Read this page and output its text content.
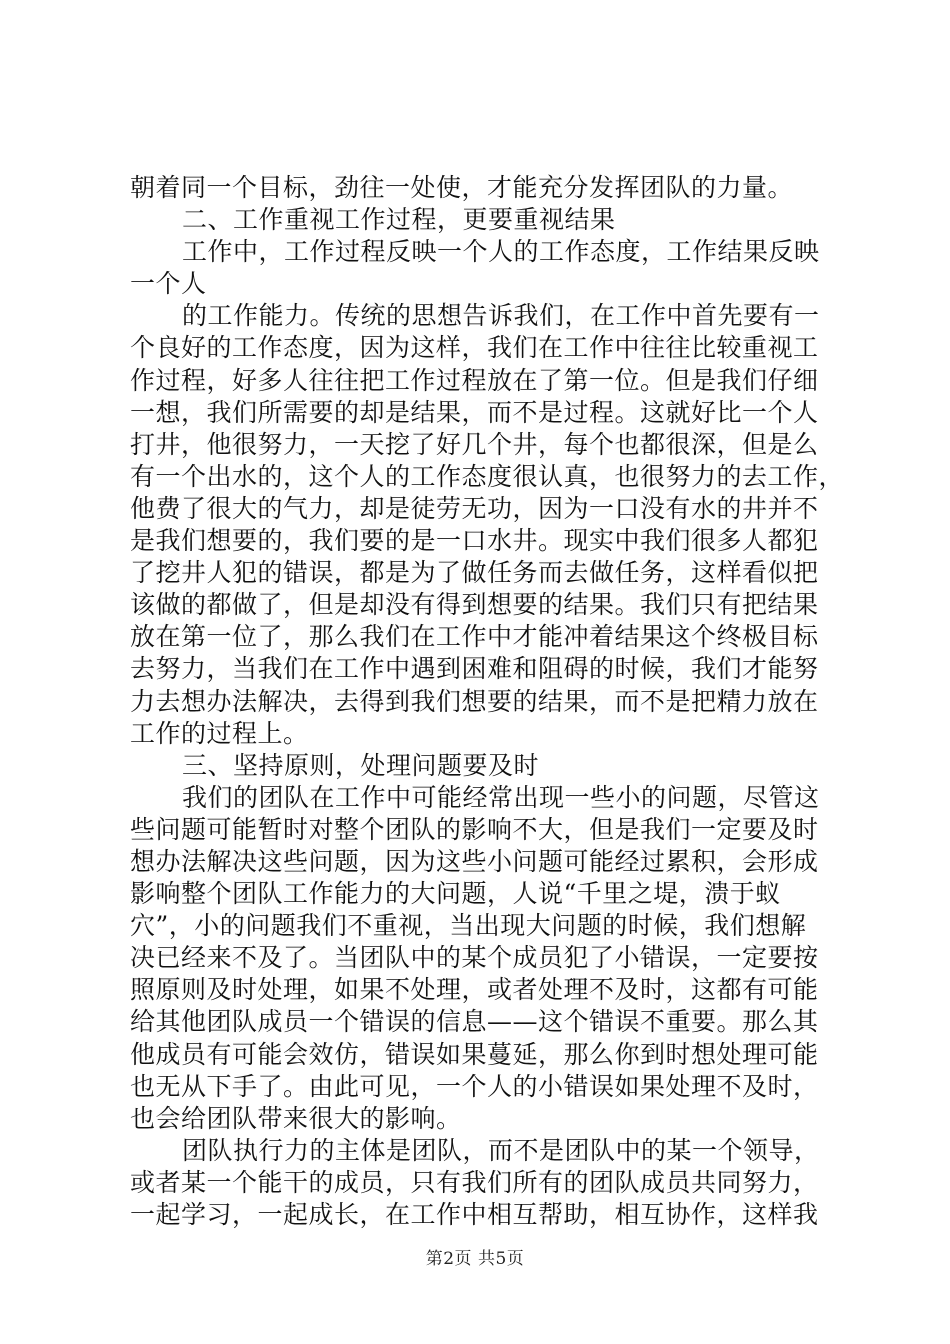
朝着同一个目标，劲往一处使，才能充分发挥团队的力量。
二、工作重视工作过程，更要重视结果
工作中，工作过程反映一个人的工作态度，工作结果反映
一个人
的工作能力。传统的思想告诉我们，在工作中首先要有一
个良好的工作态度，因为这样，我们在工作中往往比较重视工
作过程，好多人往往把工作过程放在了第一位。但是我们仔细
一想，我们所需要的却是结果，而不是过程。这就好比一个人
打井，他很努力，一天挖了好几个井，每个也都很深，但是么
有一个出水的，这个人的工作态度很认真，也很努力的去工作，
他费了很大的气力，却是徒劳无功，因为一口没有水的井并不
是我们想要的，我们要的是一口水井。现实中我们很多人都犯
了挖井人犯的错误，都是为了做任务而去做任务，这样看似把
该做的都做了，但是却没有得到想要的结果。我们只有把结果
放在第一位了，那么我们在工作中才能冲着结果这个终极目标
去努力，当我们在工作中遇到困难和阻碍的时候，我们才能努
力去想办法解决，去得到我们想要的结果，而不是把精力放在
工作的过程上。
三、坚持原则，处理问题要及时
我们的团队在工作中可能经常出现一些小的问题，尽管这
些问题可能暂时对整个团队的影响不大，但是我们一定要及时
想办法解决这些问题，因为这些小问题可能经过累积，会形成
影响整个团队工作能力的大问题，人说“千里之堤，溃于蚁
穴”，小的问题我们不重视，当出现大问题的时候，我们想解
决已经来不及了。当团队中的某个成员犯了小错误，一定要按
照原则及时处理，如果不处理，或者处理不及时，这都有可能
给其他团队成员一个错误的信息——这个错误不重要。那么其
他成员有可能会效仿，错误如果蔓延，那么你到时想处理可能
也无从下手了。由此可见，一个人的小错误如果处理不及时，
也会给团队带来很大的影响。
团队执行力的主体是团队，而不是团队中的某一个领导，
或者某一个能干的成员，只有我们所有的团队成员共同努力，
一起学习，一起成长，在工作中相互帮助，相互协作，这样我
第2页 共5页
